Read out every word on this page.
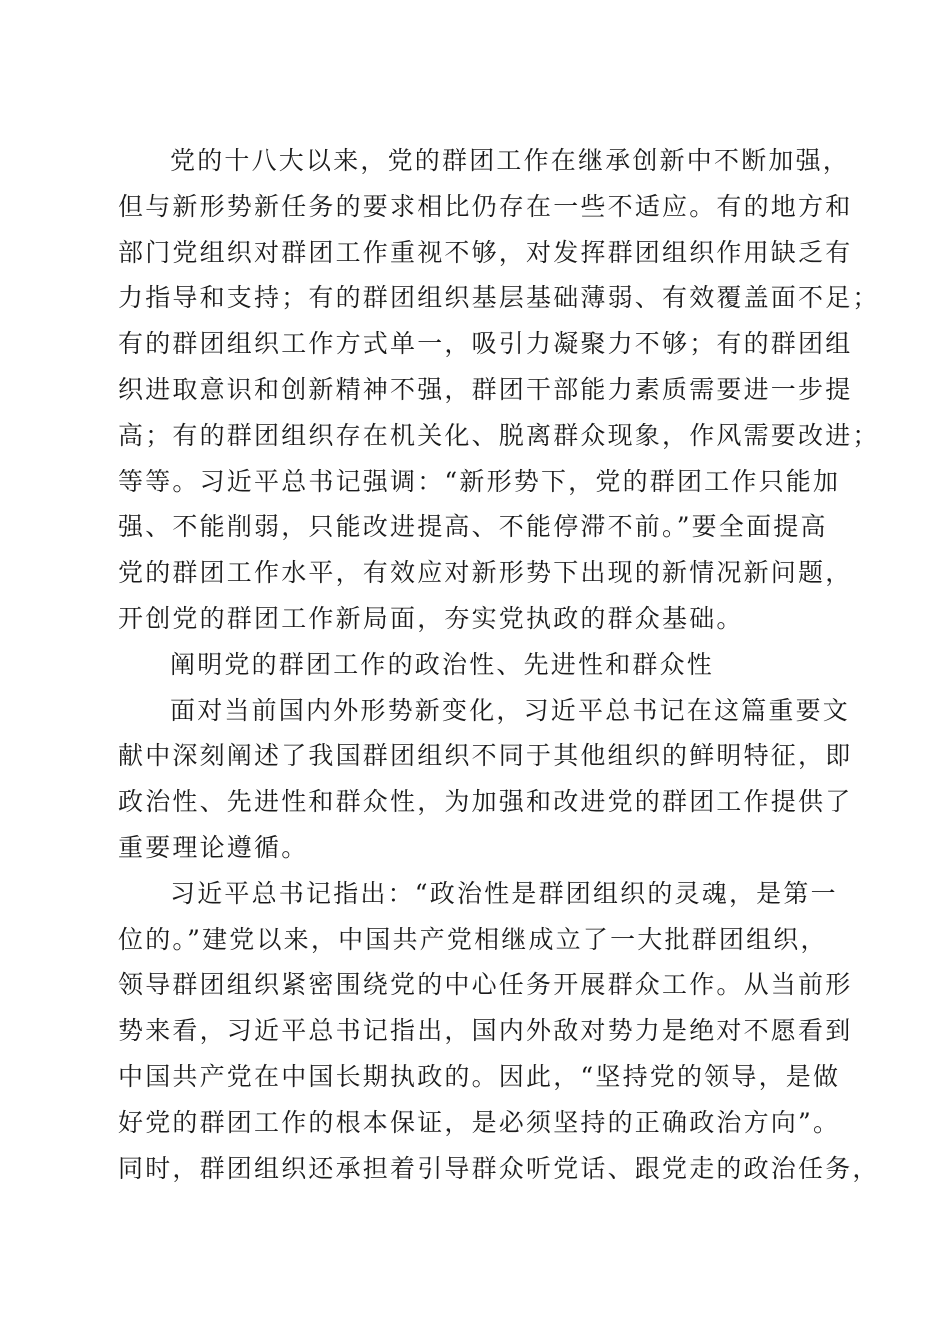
党的十八大以来，党的群团工作在继承创新中不断加强，
但与新形势新任务的要求相比仍存在一些不适应。有的地方和
部门党组织对群团工作重视不够，对发挥群团组织作用缺乏有
力指导和支持；有的群团组织基层基础薄弱、有效覆盖面不足；
有的群团组织工作方式单一，吸引力凝聚力不够；有的群团组
织进取意识和创新精神不强，群团干部能力素质需要进一步提
高；有的群团组织存在机关化、脱离群众现象，作风需要改进；
等等。习近平总书记强调：“新形势下，党的群团工作只能加
强、不能削弱，只能改进提高、不能停滞不前。”要全面提高
党的群团工作水平，有效应对新形势下出现的新情况新问题，
开创党的群团工作新局面，夯实党执政的群众基础。
阐明党的群团工作的政治性、先进性和群众性
面对当前国内外形势新变化，习近平总书记在这篇重要文
献中深刻阐述了我国群团组织不同于其他组织的鲜明特征，即
政治性、先进性和群众性，为加强和改进党的群团工作提供了
重要理论遵循。
习近平总书记指出：“政治性是群团组织的灵魂，是第一
位的。”建党以来，中国共产党相继成立了一大批群团组织，
领导群团组织紧密围绕党的中心任务开展群众工作。从当前形
势来看，习近平总书记指出，国内外敌对势力是绝对不愿看到
中国共产党在中国长期执政的。因此，“坚持党的领导，是做
好党的群团工作的根本保证，是必须坚持的正确政治方向”。
同时，群团组织还承担着引导群众听党话、跟党走的政治任务，
